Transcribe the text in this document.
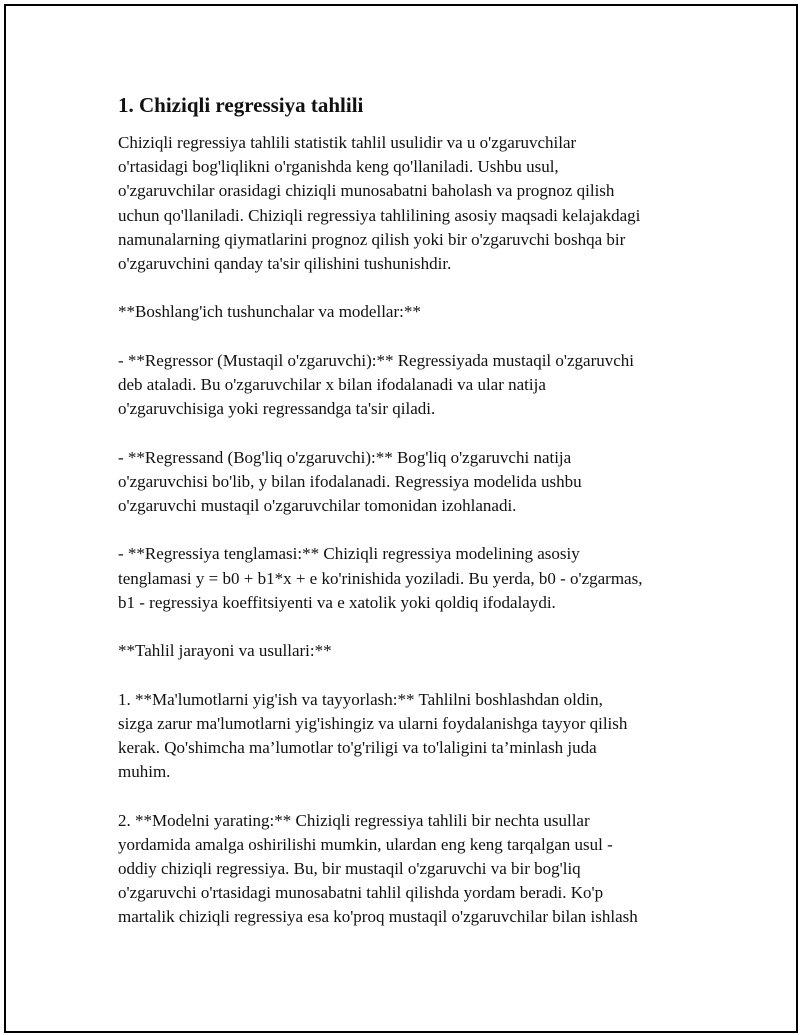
1. Chiziqli regressiya tahlili

Chiziqli regressiya tahlili statistik tahlil usulidir va u o'zgaruvchilar
o'rtasidagi bog'liqlikni o'rganishda keng qo'llaniladi. Ushbu usul,
o'zgaruvchilar orasidagi chiziqli munosabatni baholash va prognoz qilish
uchun qo'llaniladi. Chiziqli regressiya tahlilining asosiy maqsadi kelajakdagi
namunalarning qiymatlarini prognoz qilish yoki bir o'zgaruvchi boshqa bir
o'zgaruvchini qanday ta'sir qilishini tushunishdir.

**Boshlang'ich tushunchalar va modellar:**

- **Regressor (Mustaqil o'zgaruvchi):** Regressiyada mustaqil o'zgaruvchi
deb ataladi. Bu o'zgaruvchilar x bilan ifodalanadi va ular natija
o'zgaruvchisiga yoki regressandga ta'sir qiladi.

- **Regressand (Bog'liq o'zgaruvchi):** Bog'liq o'zgaruvchi natija
o'zgaruvchisi bo'lib, y bilan ifodalanadi. Regressiya modelida ushbu
o'zgaruvchi mustaqil o'zgaruvchilar tomonidan izohlanadi.

- **Regressiya tenglamasi:** Chiziqli regressiya modelining asosiy
tenglamasi y = b0 + b1*x + e ko'rinishida yoziladi. Bu yerda, b0 - o'zgarmas,
b1 - regressiya koeffitsiyenti va e xatolik yoki qoldiq ifodalaydi.

**Tahlil jarayoni va usullari:**

1. **Ma'lumotlarni yig'ish va tayyorlash:** Tahlilni boshlashdan oldin,
sizga zarur ma'lumotlarni yig'ishingiz va ularni foydalanishga tayyor qilish
kerak. Qo'shimcha ma’lumotlar to'g'riligi va to'laligini ta’minlash juda
muhim.

2. **Modelni yarating:** Chiziqli regressiya tahlili bir nechta usullar
yordamida amalga oshirilishi mumkin, ulardan eng keng tarqalgan usul -
oddiy chiziqli regressiya. Bu, bir mustaqil o'zgaruvchi va bir bog'liq
o'zgaruvchi o'rtasidagi munosabatni tahlil qilishda yordam beradi. Ko'p
martalik chiziqli regressiya esa ko'proq mustaqil o'zgaruvchilar bilan ishlash
